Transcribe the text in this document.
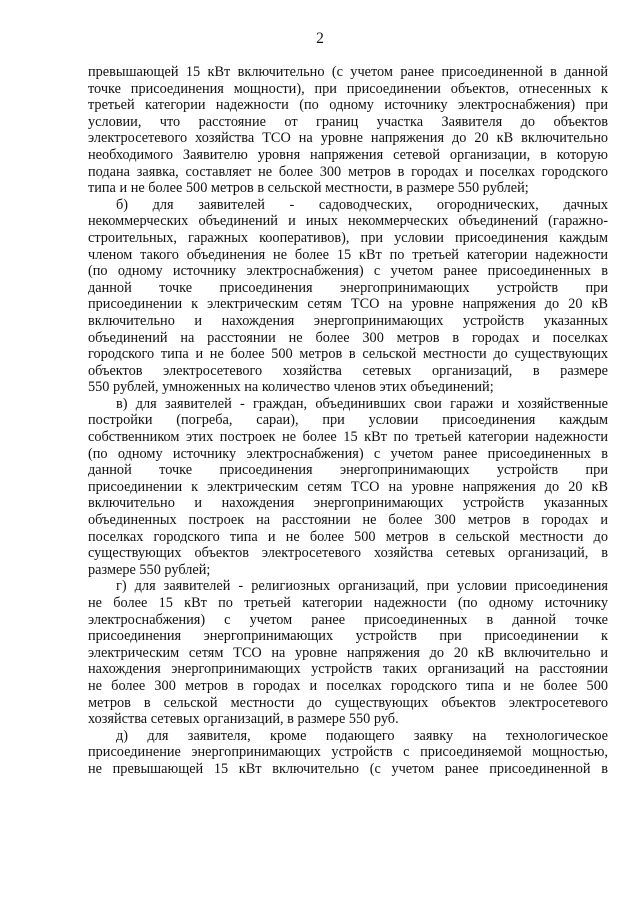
2
превышающей 15 кВт включительно (с учетом ранее присоединенной в данной
точке присоединения мощности), при присоединении объектов, отнесенных к
третьей категории надежности (по одному источнику электроснабжения) при
условии, что расстояние от границ участка Заявителя до объектов
электросетевого хозяйства ТСО на уровне напряжения до 20 кВ включительно
необходимого Заявителю уровня напряжения сетевой организации, в которую
подана заявка, составляет не более 300 метров в городах и поселках городского
типа и не более 500 метров в сельской местности, в размере 550 рублей;
б) для заявителей - садоводческих, огороднических, дачных
некоммерческих объединений и иных некоммерческих объединений (гаражно-
строительных, гаражных кооперативов), при условии присоединения каждым
членом такого объединения не более 15 кВт по третьей категории надежности
(по одному источнику электроснабжения) с учетом ранее присоединенных в
данной точке присоединения энергопринимающих устройств при
присоединении к электрическим сетям ТСО на уровне напряжения до 20 кВ
включительно и нахождения энергопринимающих устройств указанных
объединений на расстоянии не более 300 метров в городах и поселках
городского типа и не более 500 метров в сельской местности до существующих
объектов электросетевого хозяйства сетевых организаций, в размере
550 рублей, умноженных на количество членов этих объединений;
в) для заявителей - граждан, объединивших свои гаражи и хозяйственные
постройки (погреба, сараи), при условии присоединения каждым
собственником этих построек не более 15 кВт по третьей категории надежности
(по одному источнику электроснабжения) с учетом ранее присоединенных в
данной точке присоединения энергопринимающих устройств при
присоединении к электрическим сетям ТСО на уровне напряжения до 20 кВ
включительно и нахождения энергопринимающих устройств указанных
объединенных построек на расстоянии не более 300 метров в городах и
поселках городского типа и не более 500 метров в сельской местности до
существующих объектов электросетевого хозяйства сетевых организаций, в
размере 550 рублей;
г) для заявителей - религиозных организаций, при условии присоединения
не более 15 кВт по третьей категории надежности (по одному источнику
электроснабжения) с учетом ранее присоединенных в данной точке
присоединения энергопринимающих устройств при присоединении к
электрическим сетям ТСО на уровне напряжения до 20 кВ включительно и
нахождения энергопринимающих устройств таких организаций на расстоянии
не более 300 метров в городах и поселках городского типа и не более 500
метров в сельской местности до существующих объектов электросетевого
хозяйства сетевых организаций, в размере 550 руб.
д) для заявителя, кроме подающего заявку на технологическое
присоединение энергопринимающих устройств с присоединяемой мощностью,
не превышающей 15 кВт включительно (с учетом ранее присоединенной в
